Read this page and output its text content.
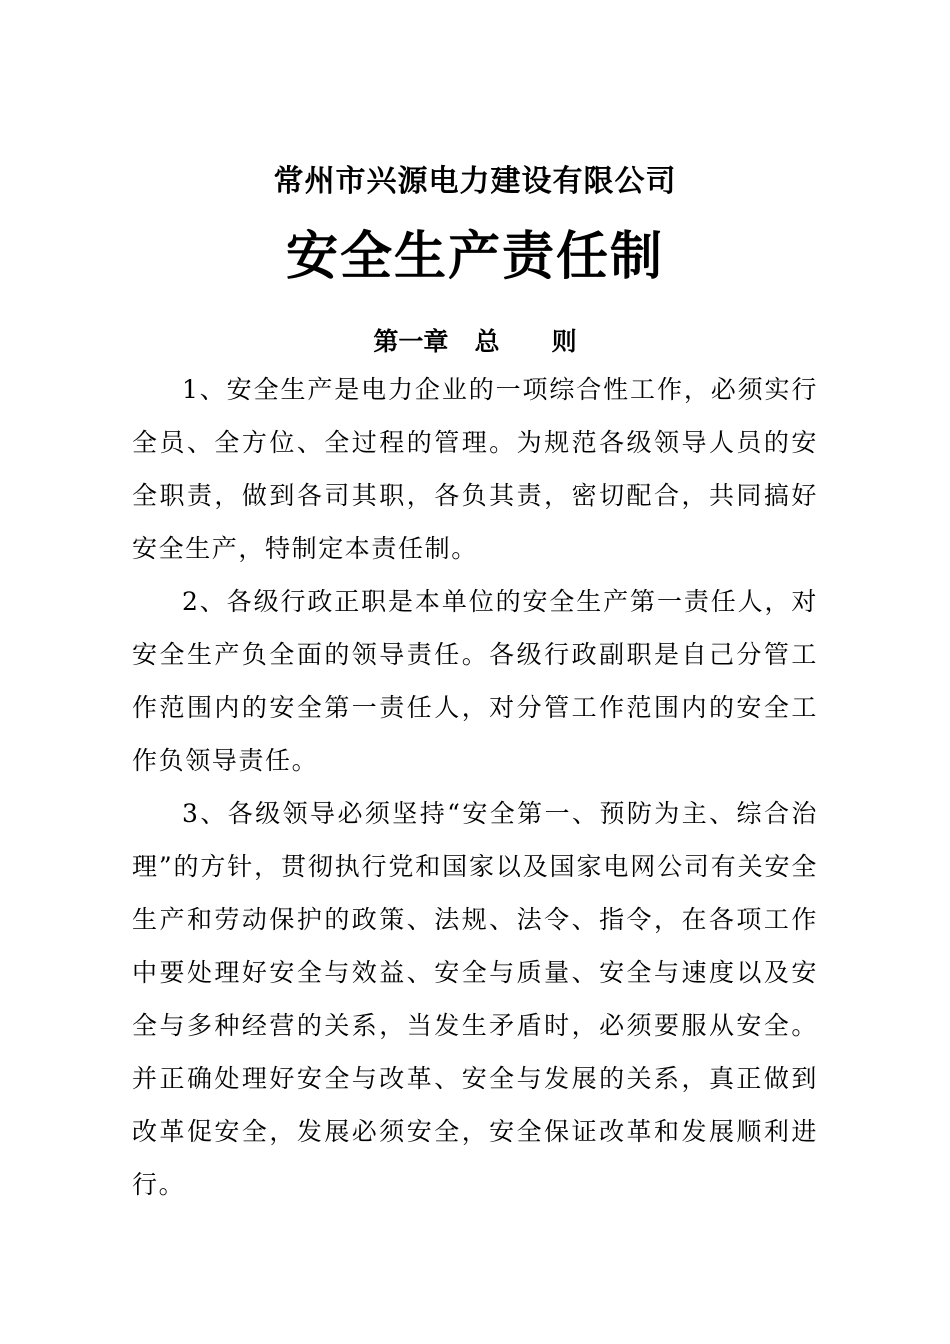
常州市兴源电力建设有限公司
安全生产责任制
第一章   总      则

1、安全生产是电力企业的一项综合性工作，必须实行全员、全方位、全过程的管理。为规范各级领导人员的安全职责，做到各司其职，各负其责，密切配合，共同搞好安全生产，特制定本责任制。

2、各级行政正职是本单位的安全生产第一责任人，对安全生产负全面的领导责任。各级行政副职是自己分管工作范围内的安全第一责任人，对分管工作范围内的安全工作负领导责任。

3、各级领导必须坚持“安全第一、预防为主、综合治理”的方针，贯彻执行党和国家以及国家电网公司有关安全生产和劳动保护的政策、法规、法令、指令，在各项工作中要处理好安全与效益、安全与质量、安全与速度以及安全与多种经营的关系，当发生矛盾时，必须要服从安全。并正确处理好安全与改革、安全与发展的关系，真正做到改革促安全，发展必须安全，安全保证改革和发展顺利进行。
